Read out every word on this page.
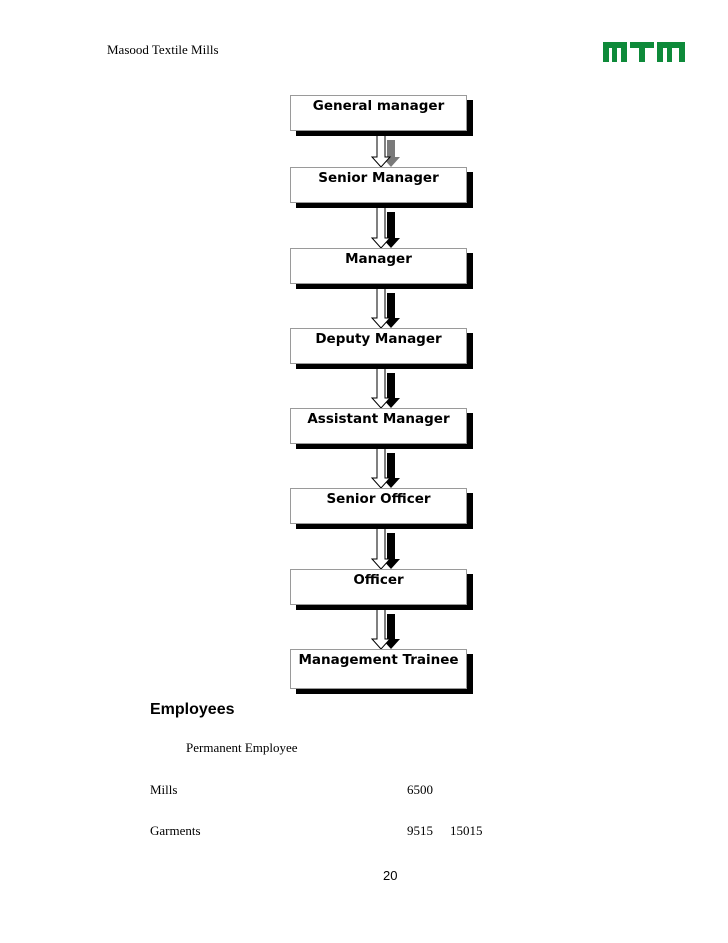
Masood Textile Mills
General manager
Senior Manager
Manager
Deputy Manager
Assistant Manager
Senior Officer
Officer
Management Trainee
Employees
Permanent Employee
Mills	6500
Garments	9515 15015
20
